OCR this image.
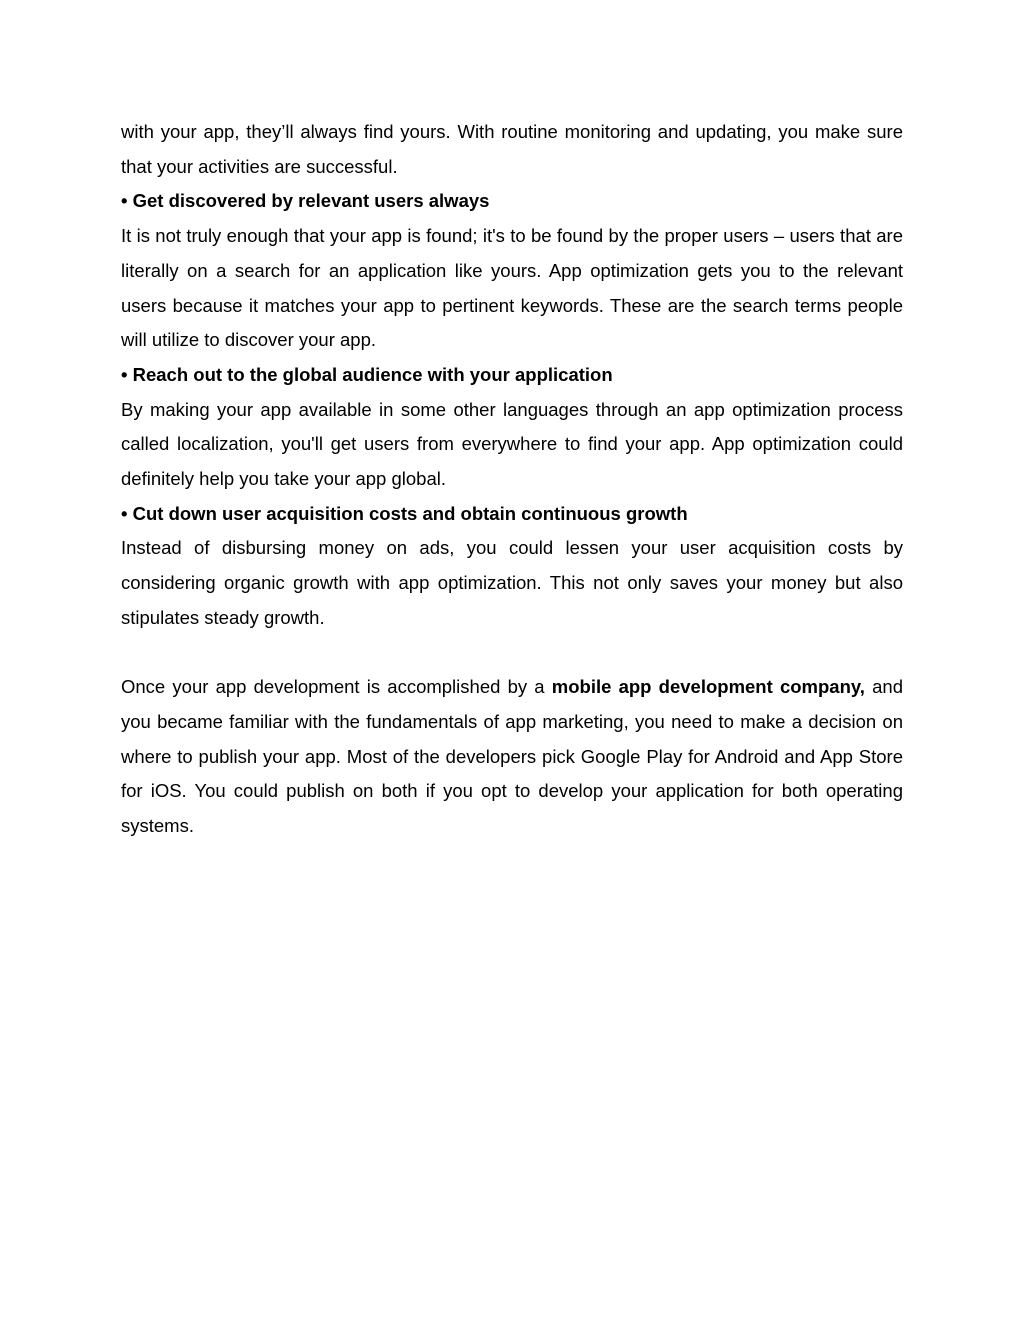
with your app, they’ll always find yours. With routine monitoring and updating, you make sure that your activities are successful.

• Get discovered by relevant users always

It is not truly enough that your app is found; it's to be found by the proper users – users that are literally on a search for an application like yours. App optimization gets you to the relevant users because it matches your app to pertinent keywords. These are the search terms people will utilize to discover your app.

• Reach out to the global audience with your application

By making your app available in some other languages through an app optimization process called localization, you'll get users from everywhere to find your app. App optimization could definitely help you take your app global.

• Cut down user acquisition costs and obtain continuous growth

Instead of disbursing money on ads, you could lessen your user acquisition costs by considering organic growth with app optimization. This not only saves your money but also stipulates steady growth.

Once your app development is accomplished by a mobile app development company, and you became familiar with the fundamentals of app marketing, you need to make a decision on where to publish your app. Most of the developers pick Google Play for Android and App Store for iOS. You could publish on both if you opt to develop your application for both operating systems.
